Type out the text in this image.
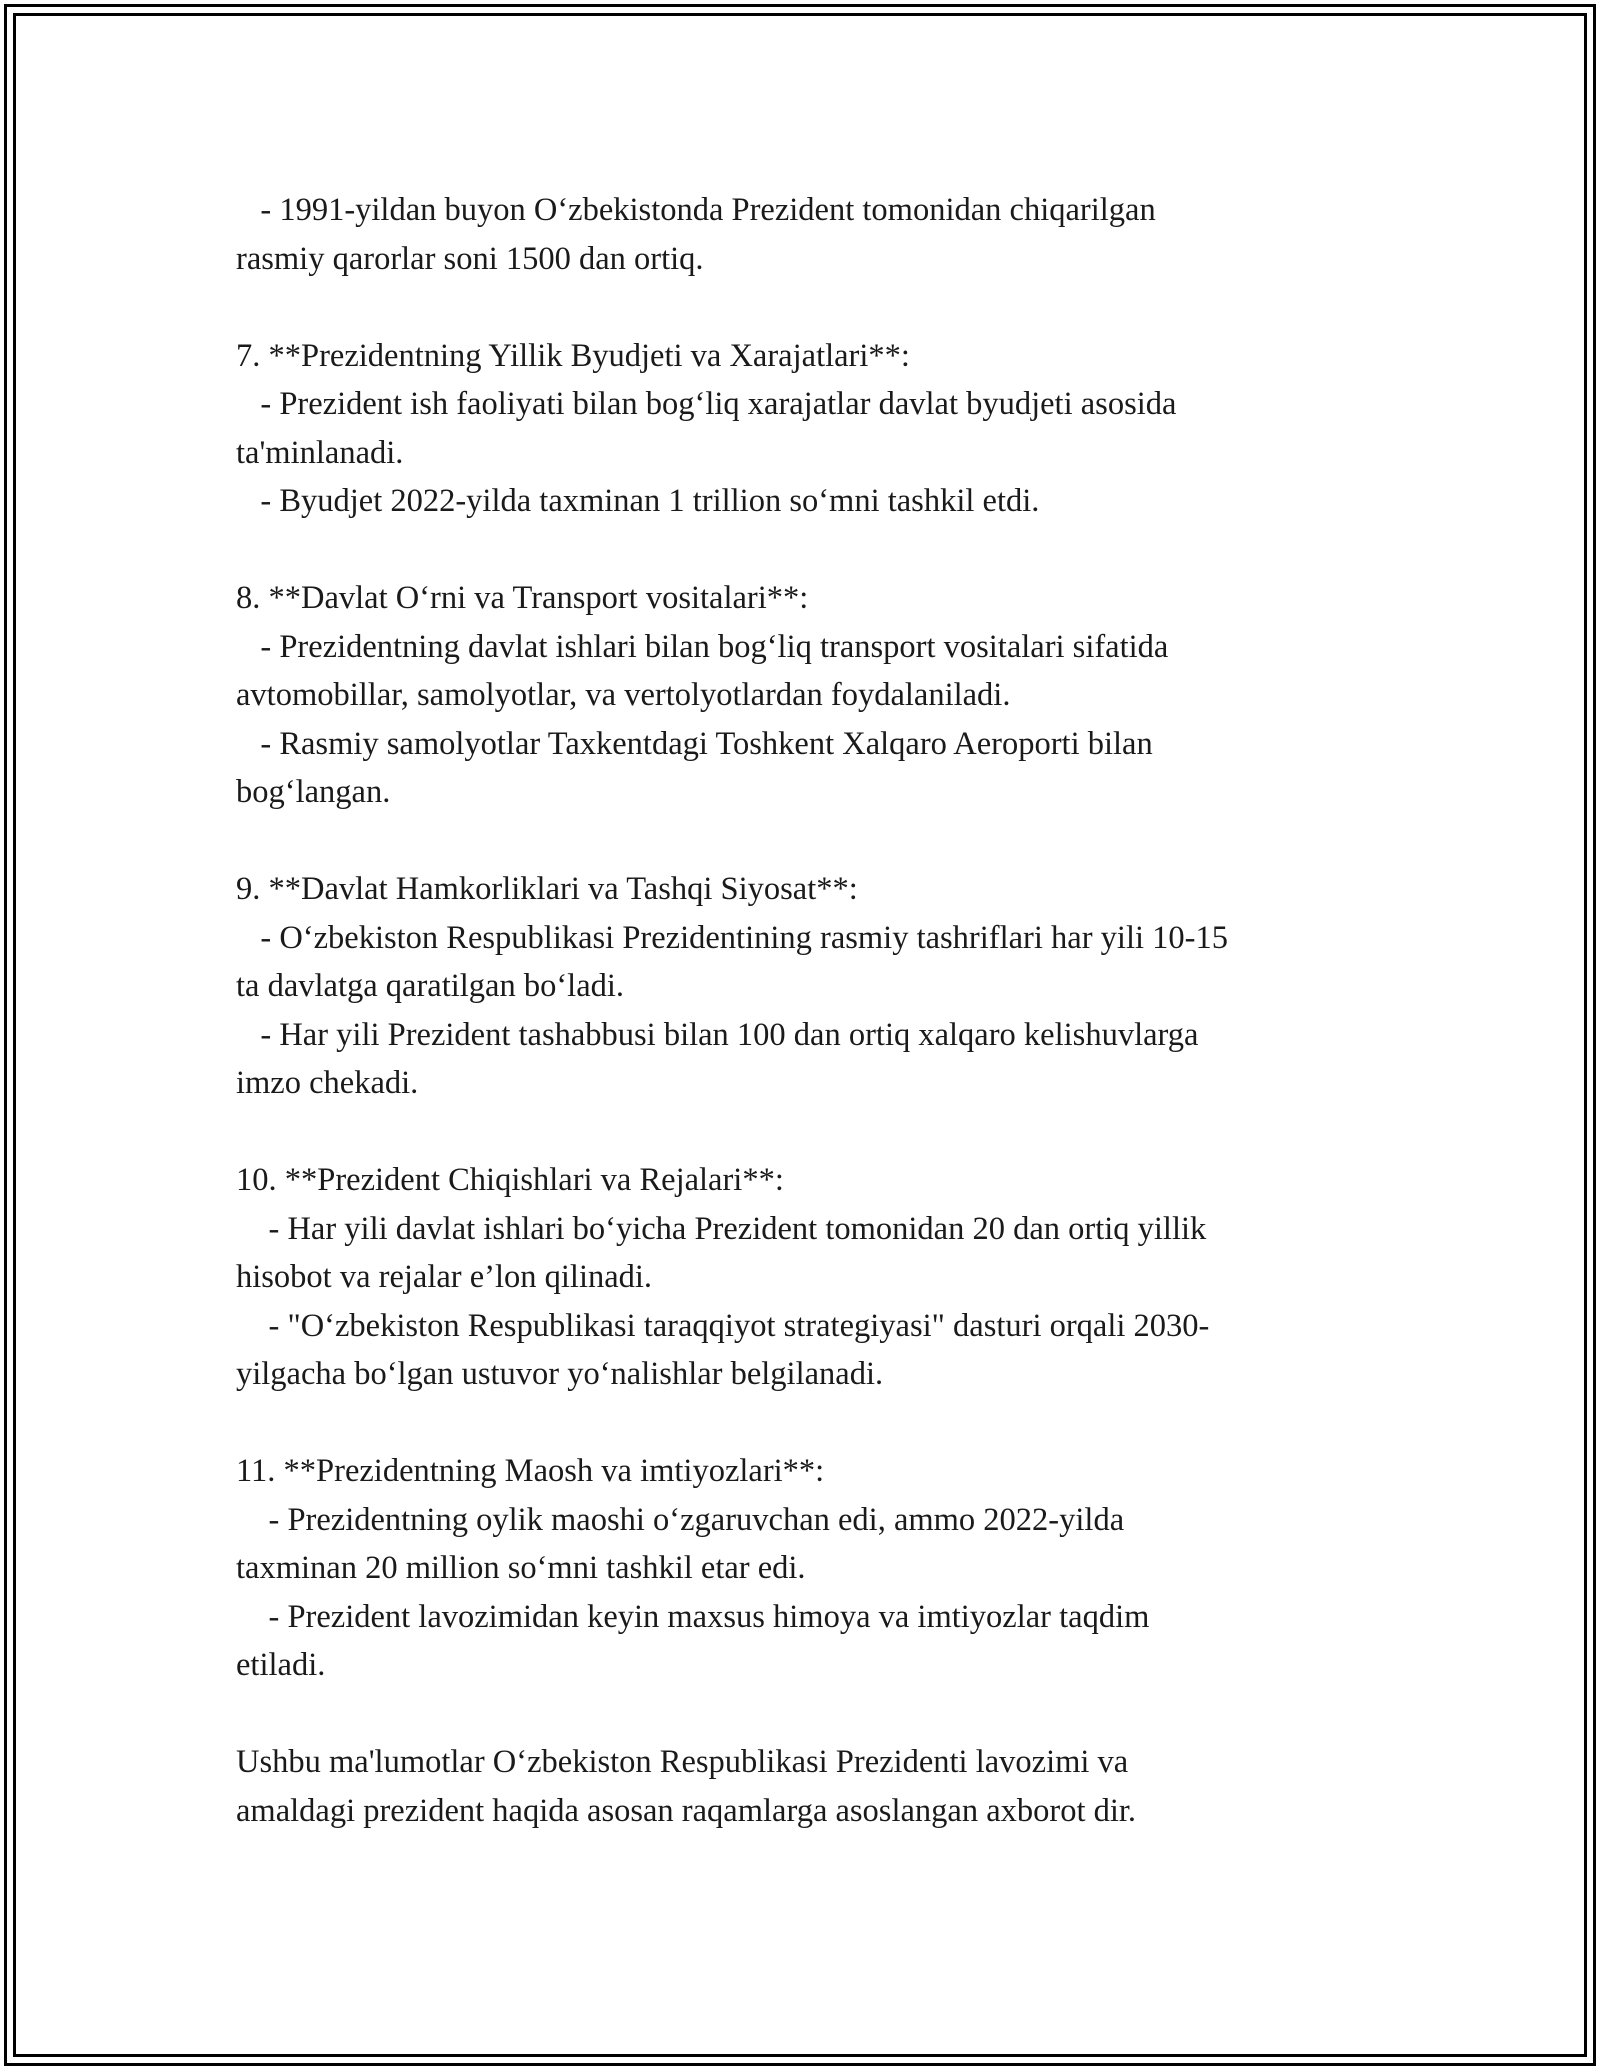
- 1991-yildan buyon O‘zbekistonda Prezident tomonidan chiqarilgan
rasmiy qarorlar soni 1500 dan ortiq.
7. **Prezidentning Yillik Byudjeti va Xarajatlari**:
- Prezident ish faoliyati bilan bog‘liq xarajatlar davlat byudjeti asosida
ta'minlanadi.
- Byudjet 2022-yilda taxminan 1 trillion so‘mni tashkil etdi.
8. **Davlat O‘rni va Transport vositalari**:
- Prezidentning davlat ishlari bilan bog‘liq transport vositalari sifatida
avtomobillar, samolyotlar, va vertolyotlardan foydalaniladi.
- Rasmiy samolyotlar Taxkentdagi Toshkent Xalqaro Aeroporti bilan
bog‘langan.
9. **Davlat Hamkorliklari va Tashqi Siyosat**:
- O‘zbekiston Respublikasi Prezidentining rasmiy tashriflari har yili 10-15
ta davlatga qaratilgan bo‘ladi.
- Har yili Prezident tashabbusi bilan 100 dan ortiq xalqaro kelishuvlarga
imzo chekadi.
10. **Prezident Chiqishlari va Rejalari**:
- Har yili davlat ishlari bo‘yicha Prezident tomonidan 20 dan ortiq yillik
hisobot va rejalar e’lon qilinadi.
- "O‘zbekiston Respublikasi taraqqiyot strategiyasi" dasturi orqali 2030-
yilgacha bo‘lgan ustuvor yo‘nalishlar belgilanadi.
11. **Prezidentning Maosh va imtiyozlari**:
- Prezidentning oylik maoshi o‘zgaruvchan edi, ammo 2022-yilda
taxminan 20 million so‘mni tashkil etar edi.
- Prezident lavozimidan keyin maxsus himoya va imtiyozlar taqdim
etiladi.
Ushbu ma'lumotlar O‘zbekiston Respublikasi Prezidenti lavozimi va
amaldagi prezident haqida asosan raqamlarga asoslangan axborot dir.
